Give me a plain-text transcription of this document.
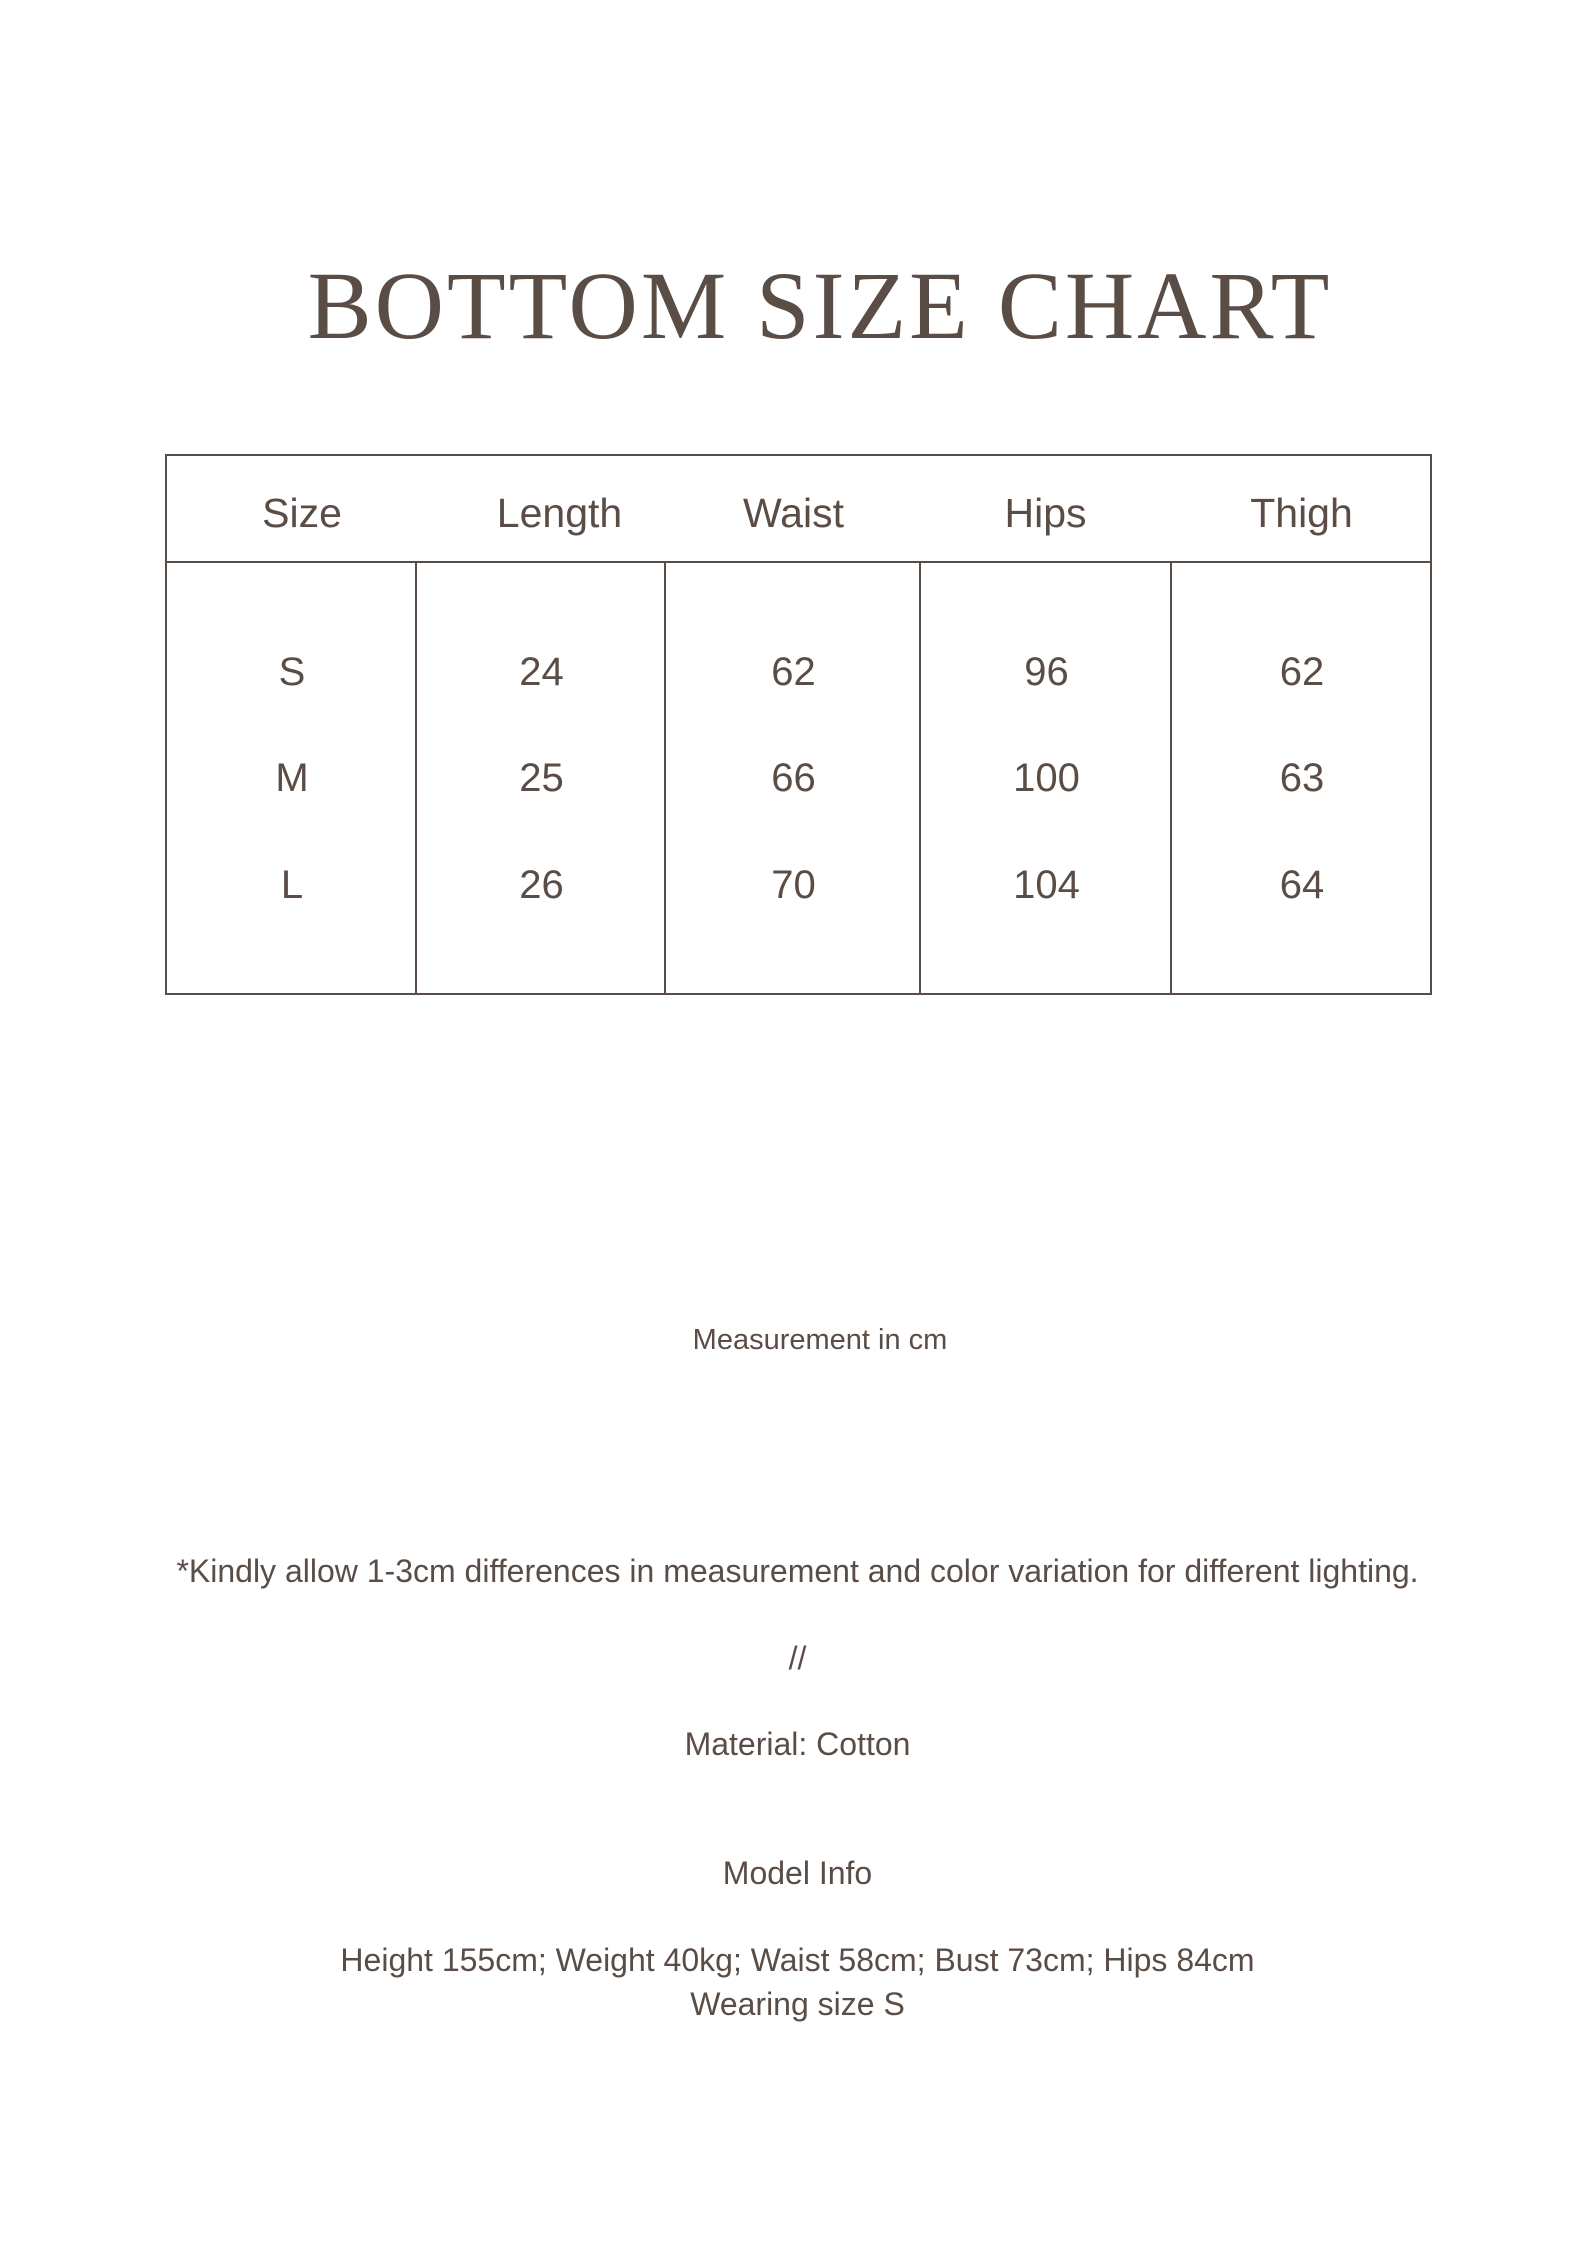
BOTTOM SIZE CHART
Size	Length	Waist	Hips	Thigh
S	24	62	96	62
M	25	66	100	63
L	26	70	104	64
Measurement in cm
*Kindly allow 1-3cm differences in measurement and color variation for different lighting.
//
Material: Cotton
Model Info
Height 155cm; Weight 40kg; Waist 58cm; Bust 73cm; Hips 84cm
Wearing size S
